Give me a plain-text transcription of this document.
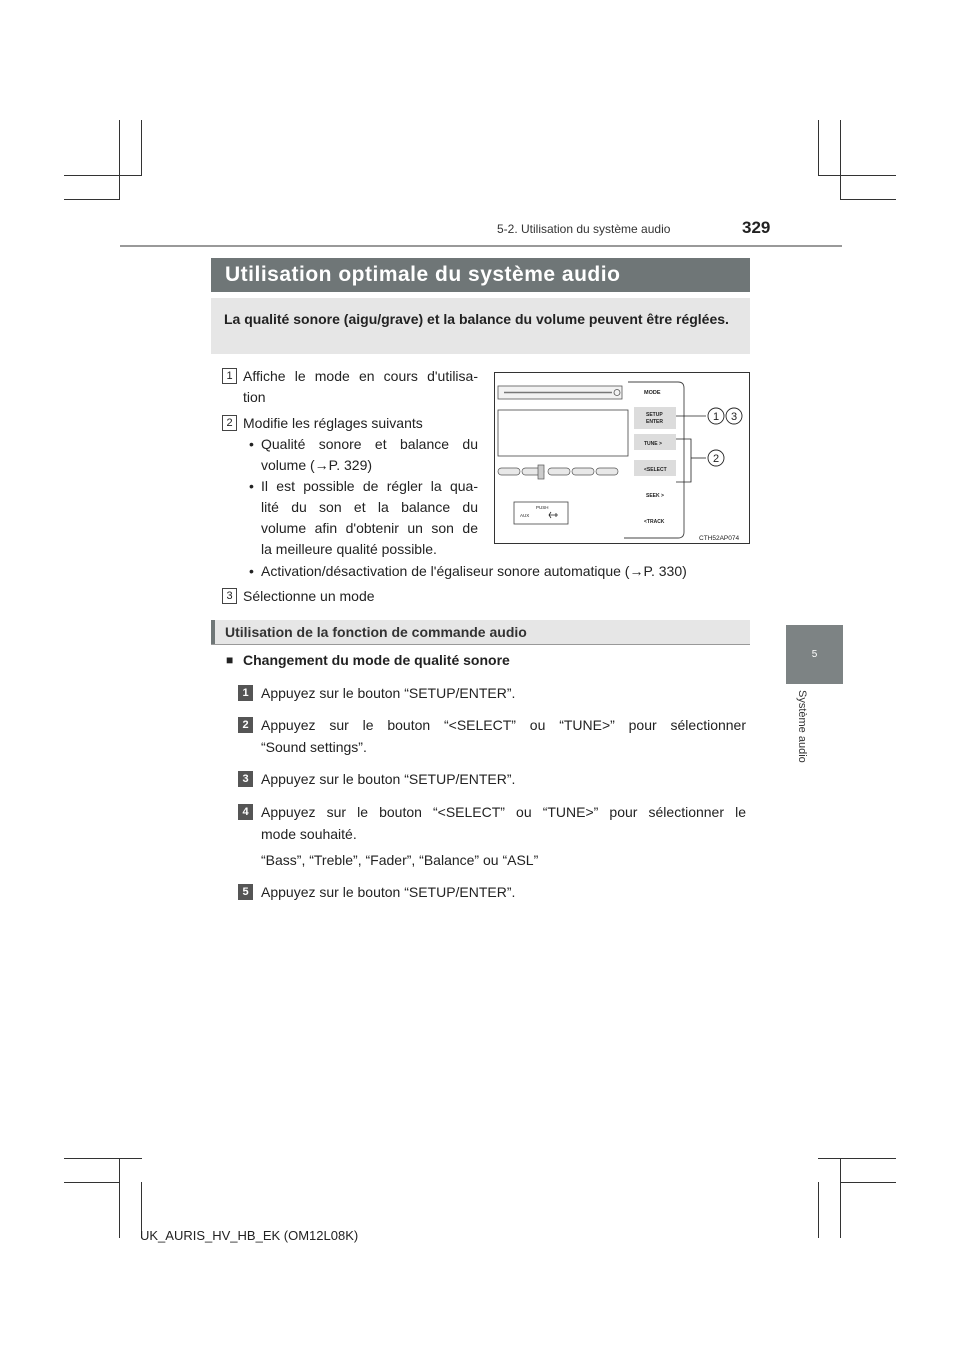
5-2. Utilisation du système audio	329
5
Système audio
Utilisation optimale du système audio
La qualité sonore (aigu/grave) et la balance du volume peuvent être réglées.
1 Affiche le mode en cours d'utilisa-
tion
2 Modifie les réglages suivants
• Qualité sonore et balance du
volume (→P. 329)
• Il est possible de régler la qua-
lité du son et la balance du
volume afin d'obtenir un son de
la meilleure qualité possible.
• Activation/désactivation de l'égaliseur sonore automatique (→P. 330)
3 Sélectionne un mode
PUSH
AUX
MODE
SETUP
ENTER
TUNE >
<SELECT
SEEK >
<TRACK
1 3
2
CTH52AP074
Utilisation de la fonction de commande audio
■ Changement du mode de qualité sonore
1 Appuyez sur le bouton “SETUP/ENTER”.
2 Appuyez sur le bouton “<SELECT” ou “TUNE>” pour sélectionner
“Sound settings”.
3 Appuyez sur le bouton “SETUP/ENTER”.
4 Appuyez sur le bouton “<SELECT” ou “TUNE>” pour sélectionner le
mode souhaité.
“Bass”, “Treble”, “Fader”, “Balance” ou “ASL”
5 Appuyez sur le bouton “SETUP/ENTER”.
UK_AURIS_HV_HB_EK (OM12L08K)
